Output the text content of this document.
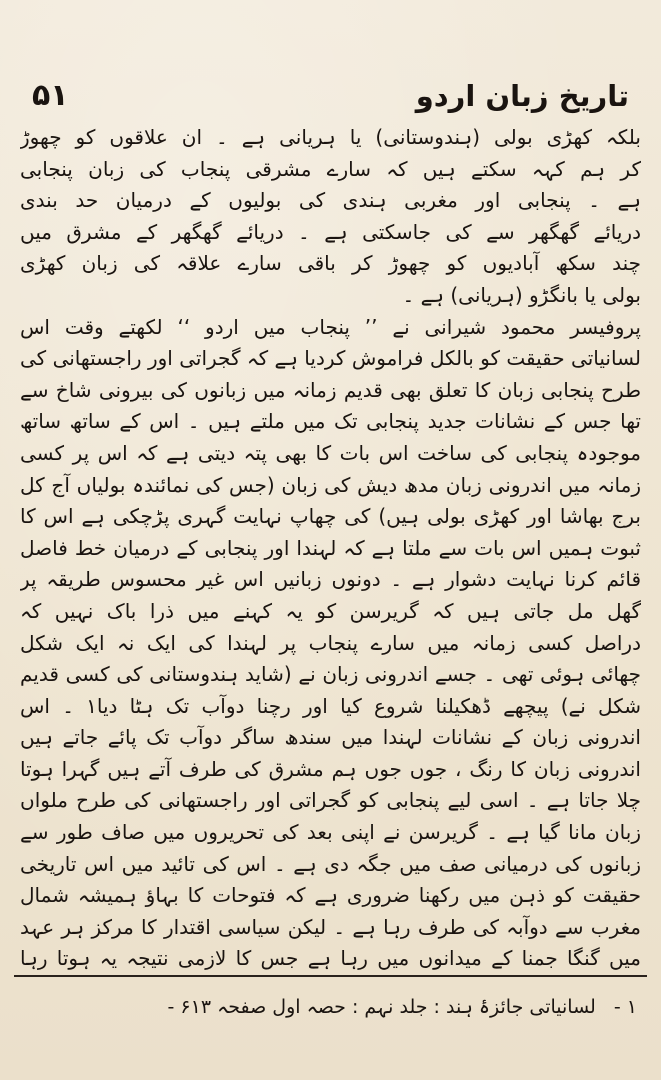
۵۱	تاریخ زبان اردو
بلکہ کھڑی بولی (ہندوستانی) یا ہریانی ہے ۔ ان علاقوں کو چھوڑ
کر ہم کہہ سکتے ہیں کہ سارے مشرقی پنجاب کی زبان پنجابی
ہے ۔ پنجابی اور مغربی ہندی کی بولیوں کے درمیان حد بندی
دریائے گھگھر سے کی جاسکتی ہے ۔ دریائے گھگھر کے مشرق میں
چند سکھ آبادیوں کو چھوڑ کر باقی سارے علاقہ کی زبان کھڑی
بولی یا بانگڑو (ہریانی) ہے ۔
پروفیسر محمود شیرانی نے ’’ پنجاب میں اردو ‘‘ لکھتے وقت اس
لسانیاتی حقیقت کو بالکل فراموش کردیا ہے کہ گجراتی اور راجستھانی کی
طرح پنجابی زبان کا تعلق بھی قدیم زمانہ میں زبانوں کی بیرونی شاخ سے
تھا جس کے نشانات جدید پنجابی تک میں ملتے ہیں ۔ اس کے ساتھ ساتھ
موجودہ پنجابی کی ساخت اس بات کا بھی پتہ دیتی ہے کہ اس پر کسی
زمانہ میں اندرونی زبان مدھ دیش کی زبان (جس کی نمائندہ بولیاں آج کل
برج بھاشا اور کھڑی بولی ہیں) کی چھاپ نہایت گہری پڑچکی ہے اس کا
ثبوت ہمیں اس بات سے ملتا ہے کہ لہندا اور پنجابی کے درمیان خط فاصل
قائم کرنا نہایت دشوار ہے ۔ دونوں زبانیں اس غیر محسوس طریقہ پر
گھل مل جاتی ہیں کہ گریرسن کو یہ کہنے میں ذرا باک نہیں کہ
دراصل کسی زمانہ میں سارے پنجاب پر لہندا کی ایک نہ ایک شکل
چھائی ہوئی تھی ۔ جسے اندرونی زبان نے (شاید ہندوستانی کی کسی قدیم
شکل نے) پیچھے ڈھکیلنا شروع کیا اور رچنا دوآب تک ہٹا دیا۱ ۔ اس
اندرونی زبان کے نشانات لہندا میں سندھ ساگر دوآب تک پائے جاتے ہیں
اندرونی زبان کا رنگ ، جوں جوں ہم مشرق کی طرف آتے ہیں گہرا ہوتا
چلا جاتا ہے ۔ اسی لیے پنجابی کو گجراتی اور راجستھانی کی طرح ملواں
زبان مانا گیا ہے ۔ گریرسن نے اپنی بعد کی تحریروں میں صاف طور سے
زبانوں کی درمیانی صف میں جگہ دی ہے ۔ اس کی تائید میں اس تاریخی
حقیقت کو ذہن میں رکھنا ضروری ہے کہ فتوحات کا بہاؤ ہمیشہ شمال
مغرب سے دوآبہ کی طرف رہا ہے ۔ لیکن سیاسی اقتدار کا مرکز ہر عہد
میں گنگا جمنا کے میدانوں میں رہا ہے جس کا لازمی نتیجہ یہ ہوتا رہا
۱ - لسانیاتی جائزۂ ہند : جلد نہم : حصہ اول صفحہ ۶۱۳ -
